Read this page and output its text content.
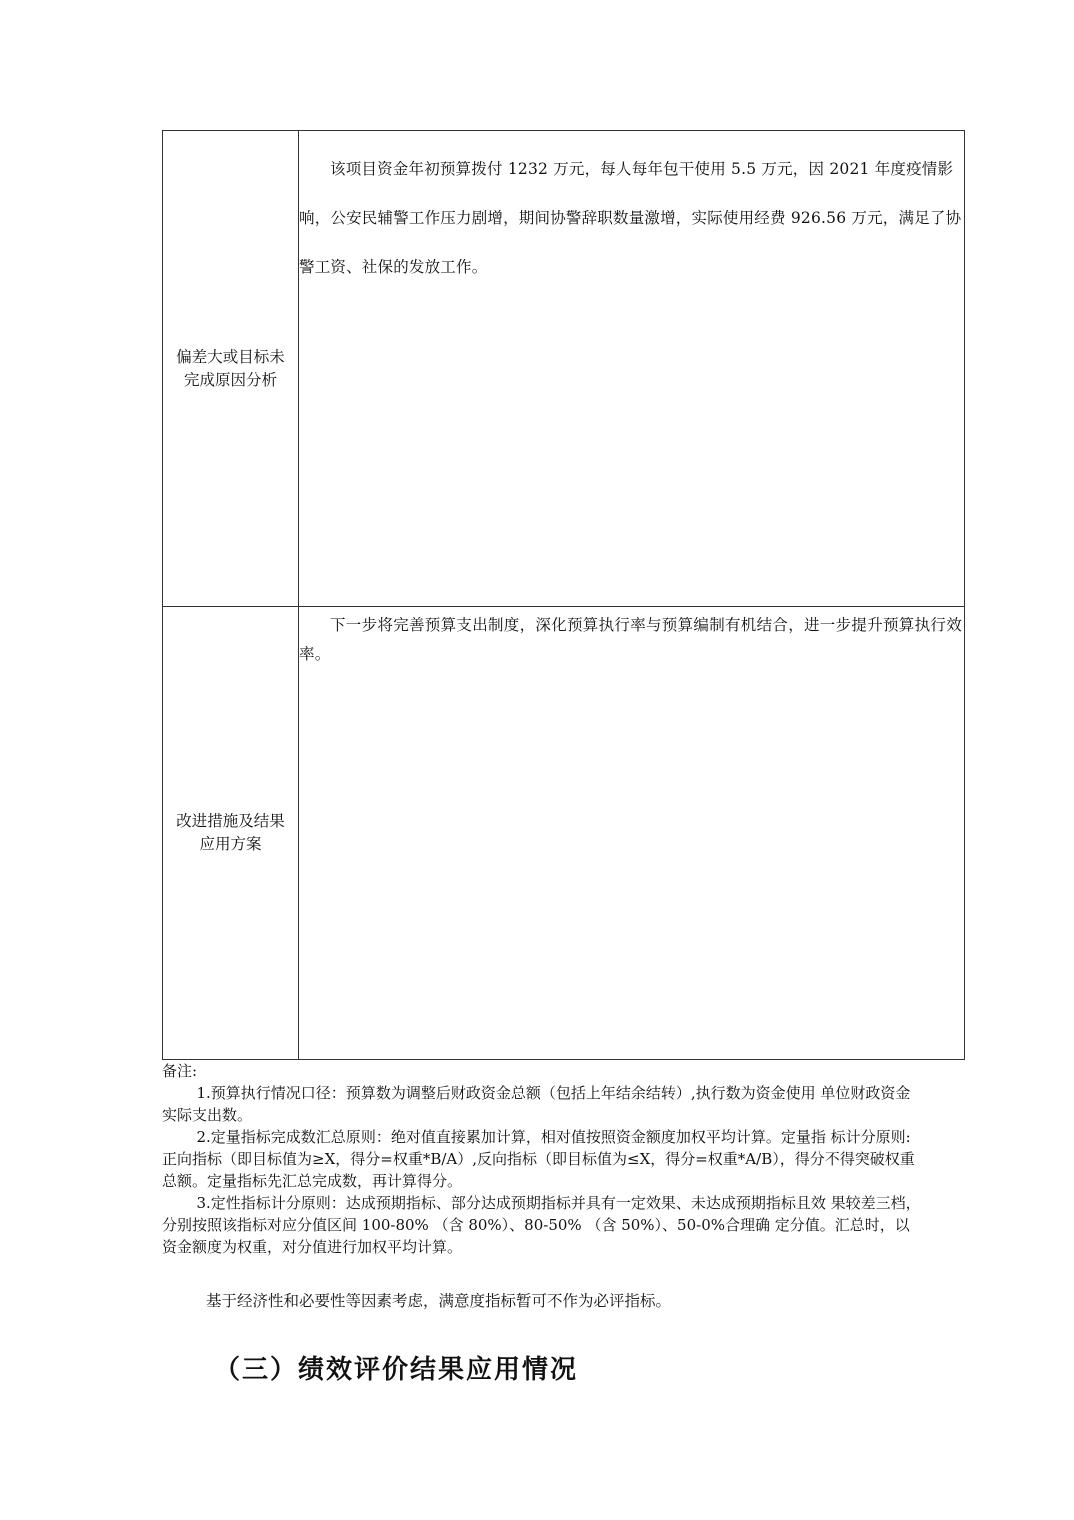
偏差大或目标未
完成原因分析	该项目资金年初预算拨付 1232 万元，每人每年包干使用 5.5 万元，因 2021 年度疫情影响，公安民辅警工作压力剧增，期间协警辞职数量激增，实际使用经费 926.56 万元，满足了协警工资、社保的发放工作。

改进措施及结果
应用方案	下一步将完善预算支出制度，深化预算执行率与预算编制有机结合，进一步提升预算执行效率。

备注:

1.预算执行情况口径：预算数为调整后财政资金总额（包括上年结余结转）,执行数为资金使用 单位财政资金实际支出数。

2.定量指标完成数汇总原则：绝对值直接累加计算，相对值按照资金额度加权平均计算。定量指 标计分原则:正向指标（即目标值为≥X，得分=权重*B/A）,反向指标（即目标值为≤X，得分=权重*A/B），得分不得突破权重总额。定量指标先汇总完成数，再计算得分。

3.定性指标计分原则：达成预期指标、部分达成预期指标并具有一定效果、未达成预期指标且效 果较差三档，分别按照该指标对应分值区间 100-80% （含 80%）、80-50% （含 50%）、50-0%合理确 定分值。汇总时，以资金额度为权重，对分值进行加权平均计算。

基于经济性和必要性等因素考虑，满意度指标暂可不作为必评指标。

（三）绩效评价结果应用情况
